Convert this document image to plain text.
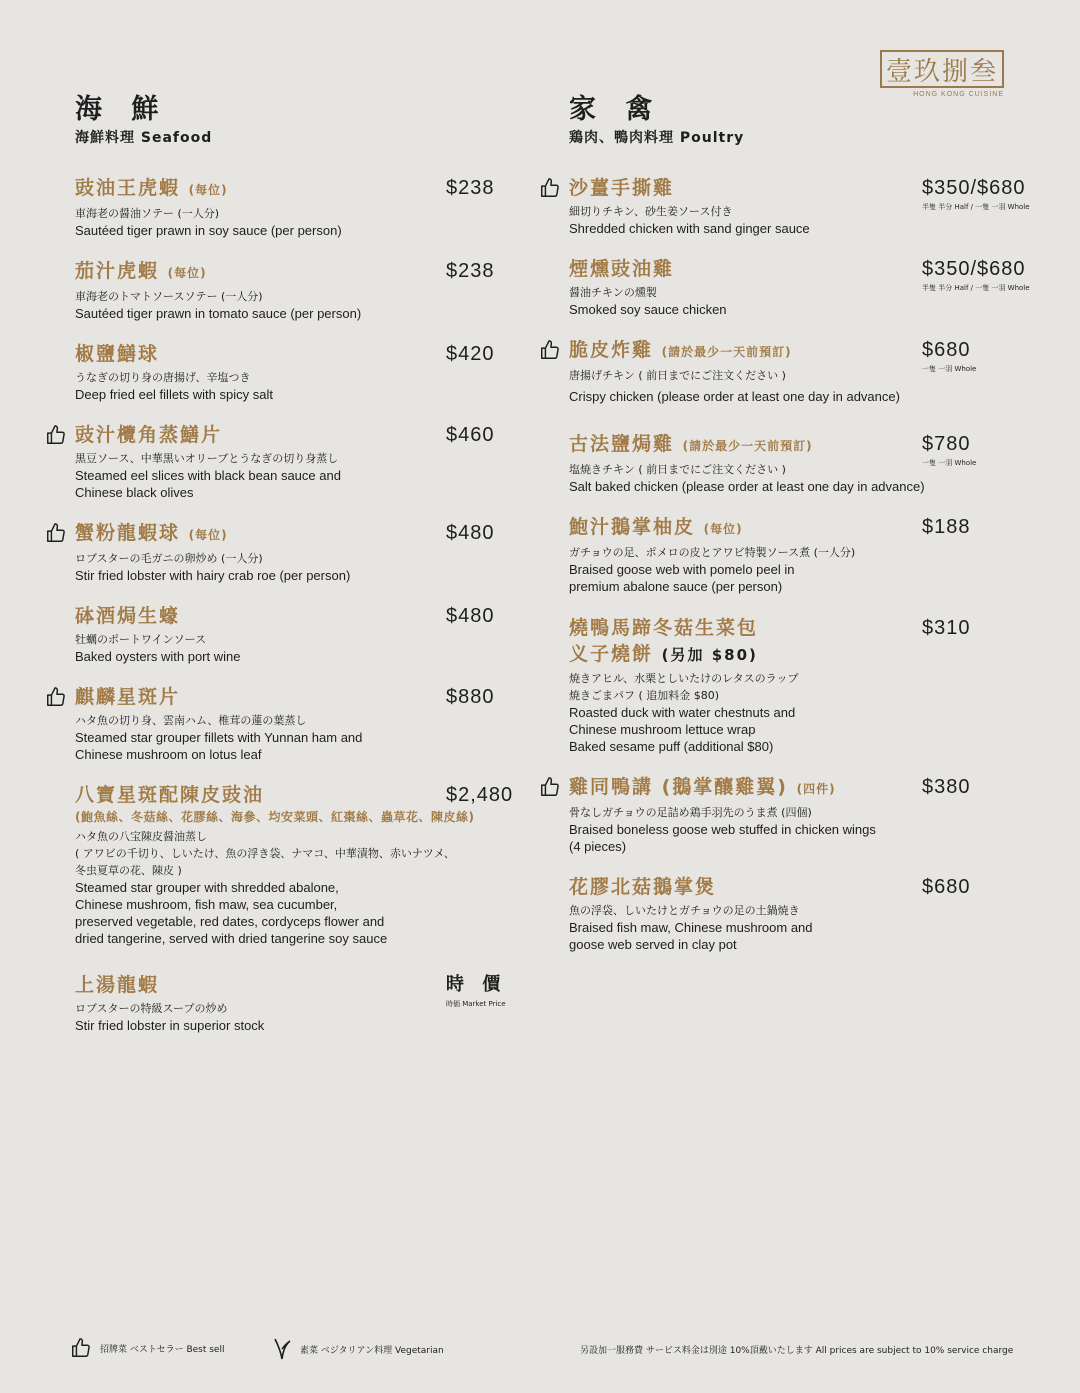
壹玖捌叁
HONG KONG CUISINE
海 鮮
海鮮料理 Seafood
豉油王虎蝦 (每位)
車海老の醤油ソテー (一人分)
Sautéed tiger prawn in soy sauce (per person)
$238
茄汁虎蝦 (每位)
車海老のトマトソースソテー (一人分)
Sautéed tiger prawn in tomato sauce (per person)
$238
椒鹽鱔球
うなぎの切り身の唐揚げ、辛塩つき
Deep fried eel fillets with spicy salt
$420
豉汁欖角蒸鱔片
黒豆ソース、中華黒いオリーブとうなぎの切り身蒸し
Steamed eel slices with black bean sauce and
Chinese black olives
$460
蟹粉龍蝦球 (每位)
ロブスターの毛ガニの卵炒め (一人分)
Stir fried lobster with hairy crab roe (per person)
$480
砵酒焗生蠔
牡蠣のポートワインソース
Baked oysters with port wine
$480
麒麟星斑片
ハタ魚の切り身、雲南ハム、椎茸の蓮の葉蒸し
Steamed star grouper fillets with Yunnan ham and
Chinese mushroom on lotus leaf
$880
八寶星斑配陳皮豉油
(鮑魚絲、冬菇絲、花膠絲、海參、均安菜頭、紅棗絲、蟲草花、陳皮絲)
ハタ魚の八宝陳皮醤油蒸し
( アワビの千切り、しいたけ、魚の浮き袋、ナマコ、中華漬物、赤いナツメ、
冬虫夏草の花、陳皮 )
Steamed star grouper with shredded abalone,
Chinese mushroom, fish maw, sea cucumber,
preserved vegetable, red dates, cordyceps flower and
dried tangerine, served with dried tangerine soy sauce
$2,480
上湯龍蝦
ロブスターの特級スープの炒め
Stir fried lobster in superior stock
時 價
時価 Market Price
家 禽
鶏肉、鴨肉料理 Poultry
沙薑手撕雞
細切りチキン、砂生姜ソース付き
Shredded chicken with sand ginger sauce
$350/$680
半隻 半分 Half / 一隻 一羽 Whole
煙燻豉油雞
醤油チキンの燻製
Smoked soy sauce chicken
$350/$680
半隻 半分 Half / 一隻 一羽 Whole
脆皮炸雞 (請於最少一天前預訂)
唐揚げチキン ( 前日までにご注文ください )
Crispy chicken (please order at least one day in advance)
$680
一隻 一羽 Whole
古法鹽焗雞 (請於最少一天前預訂)
塩焼きチキン ( 前日までにご注文ください )
Salt baked chicken (please order at least one day in advance)
$780
一隻 一羽 Whole
鮑汁鵝掌柚皮 (每位)
ガチョウの足、ポメロの皮とアワビ特製ソース煮 (一人分)
Braised goose web with pomelo peel in
premium abalone sauce (per person)
$188
燒鴨馬蹄冬菇生菜包
义子燒餅 (另加 $80)
焼きアヒル、水栗としいたけのレタスのラップ
焼きごまパフ ( 追加料金 $80)
Roasted duck with water chestnuts and
Chinese mushroom lettuce wrap
Baked sesame puff (additional $80)
$310
雞同鴨講 (鵝掌釀雞翼) (四件)
骨なしガチョウの足詰め鶏手羽先のうま煮 (四個)
Braised boneless goose web stuffed in chicken wings
(4 pieces)
$380
花膠北菇鵝掌煲
魚の浮袋、しいたけとガチョウの足の土鍋焼き
Braised fish maw, Chinese mushroom and
goose web served in clay pot
$680
招牌菜 ベストセラー Best sell	素菜 ベジタリアン料理 Vegetarian	另設加一服務費 サービス料金は別途 10%頂戴いたします All prices are subject to 10% service charge
